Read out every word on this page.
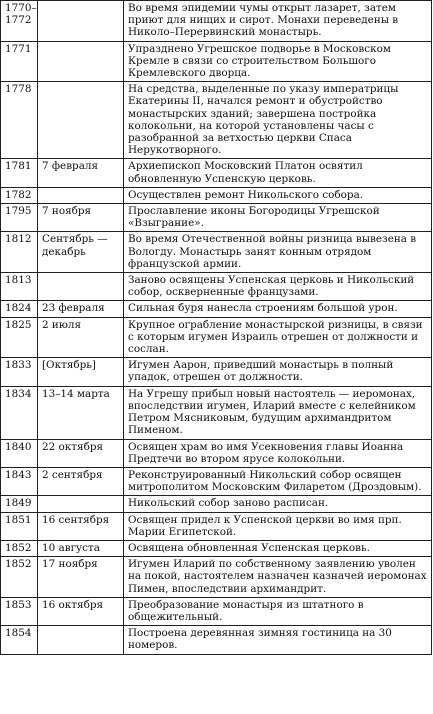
1770–1772		Во время эпидемии чумы открыт лазарет, затем приют для нищих и сирот. Монахи переведены в Николо–Перервинский монастырь.
1771		Упразднено Угрешское подворье в Московском Кремле в связи со строительством Большого Кремлевского дворца.
1778		На средства, выделенные по указу императрицы Екатерины II, начался ремонт и обустройство монастырских зданий; завершена постройка колокольни, на которой установлены часы с разобранной за ветхостью церкви Спаса Нерукотворного.
1781	7 февраля	Архиепископ Московский Платон освятил обновленную Успенскую церковь.
1782		Осуществлен ремонт Никольского собора.
1795	7 ноября	Прославление иконы Богородицы Угрешской «Взыграние».
1812	Сентябрь — декабрь	Во время Отечественной войны ризница вывезена в Вологду. Монастырь занят конным отрядом французской армии.
1813		Заново освящены Успенская церковь и Никольский собор, оскверненные французами.
1824	23 февраля	Сильная буря нанесла строениям большой урон.
1825	2 июля	Крупное ограбление монастырской ризницы, в связи с которым игумен Израиль отрешен от должности и сослан.
1833	[Октябрь]	Игумен Аарон, приведший монастырь в полный упадок, отрешен от должности.
1834	13–14 марта	На Угрешу прибыл новый настоятель — иеромонах, впоследствии игумен, Иларий вместе с келейником Петром Мясниковым, будущим архимандритом Пименом.
1840	22 октября	Освящен храм во имя Усекновения главы Иоанна Предтечи во втором ярусе колокольни.
1843	2 сентября	Реконструированный Никольский собор освящен митрополитом Московским Филаретом (Дроздовым).
1849		Никольский собор заново расписан.
1851	16 сентября	Освящен придел к Успенской церкви во имя прп. Марии Египетской.
1852	10 августа	Освящена обновленная Успенская церковь.
1852	17 ноября	Игумен Иларий по собственному заявлению уволен на покой, настоятелем назначен казначей иеромонах Пимен, впоследствии архимандрит.
1853	16 октября	Преобразование монастыря из штатного в общежительный.
1854		Построена деревянная зимняя гостиница на 30 номеров.
